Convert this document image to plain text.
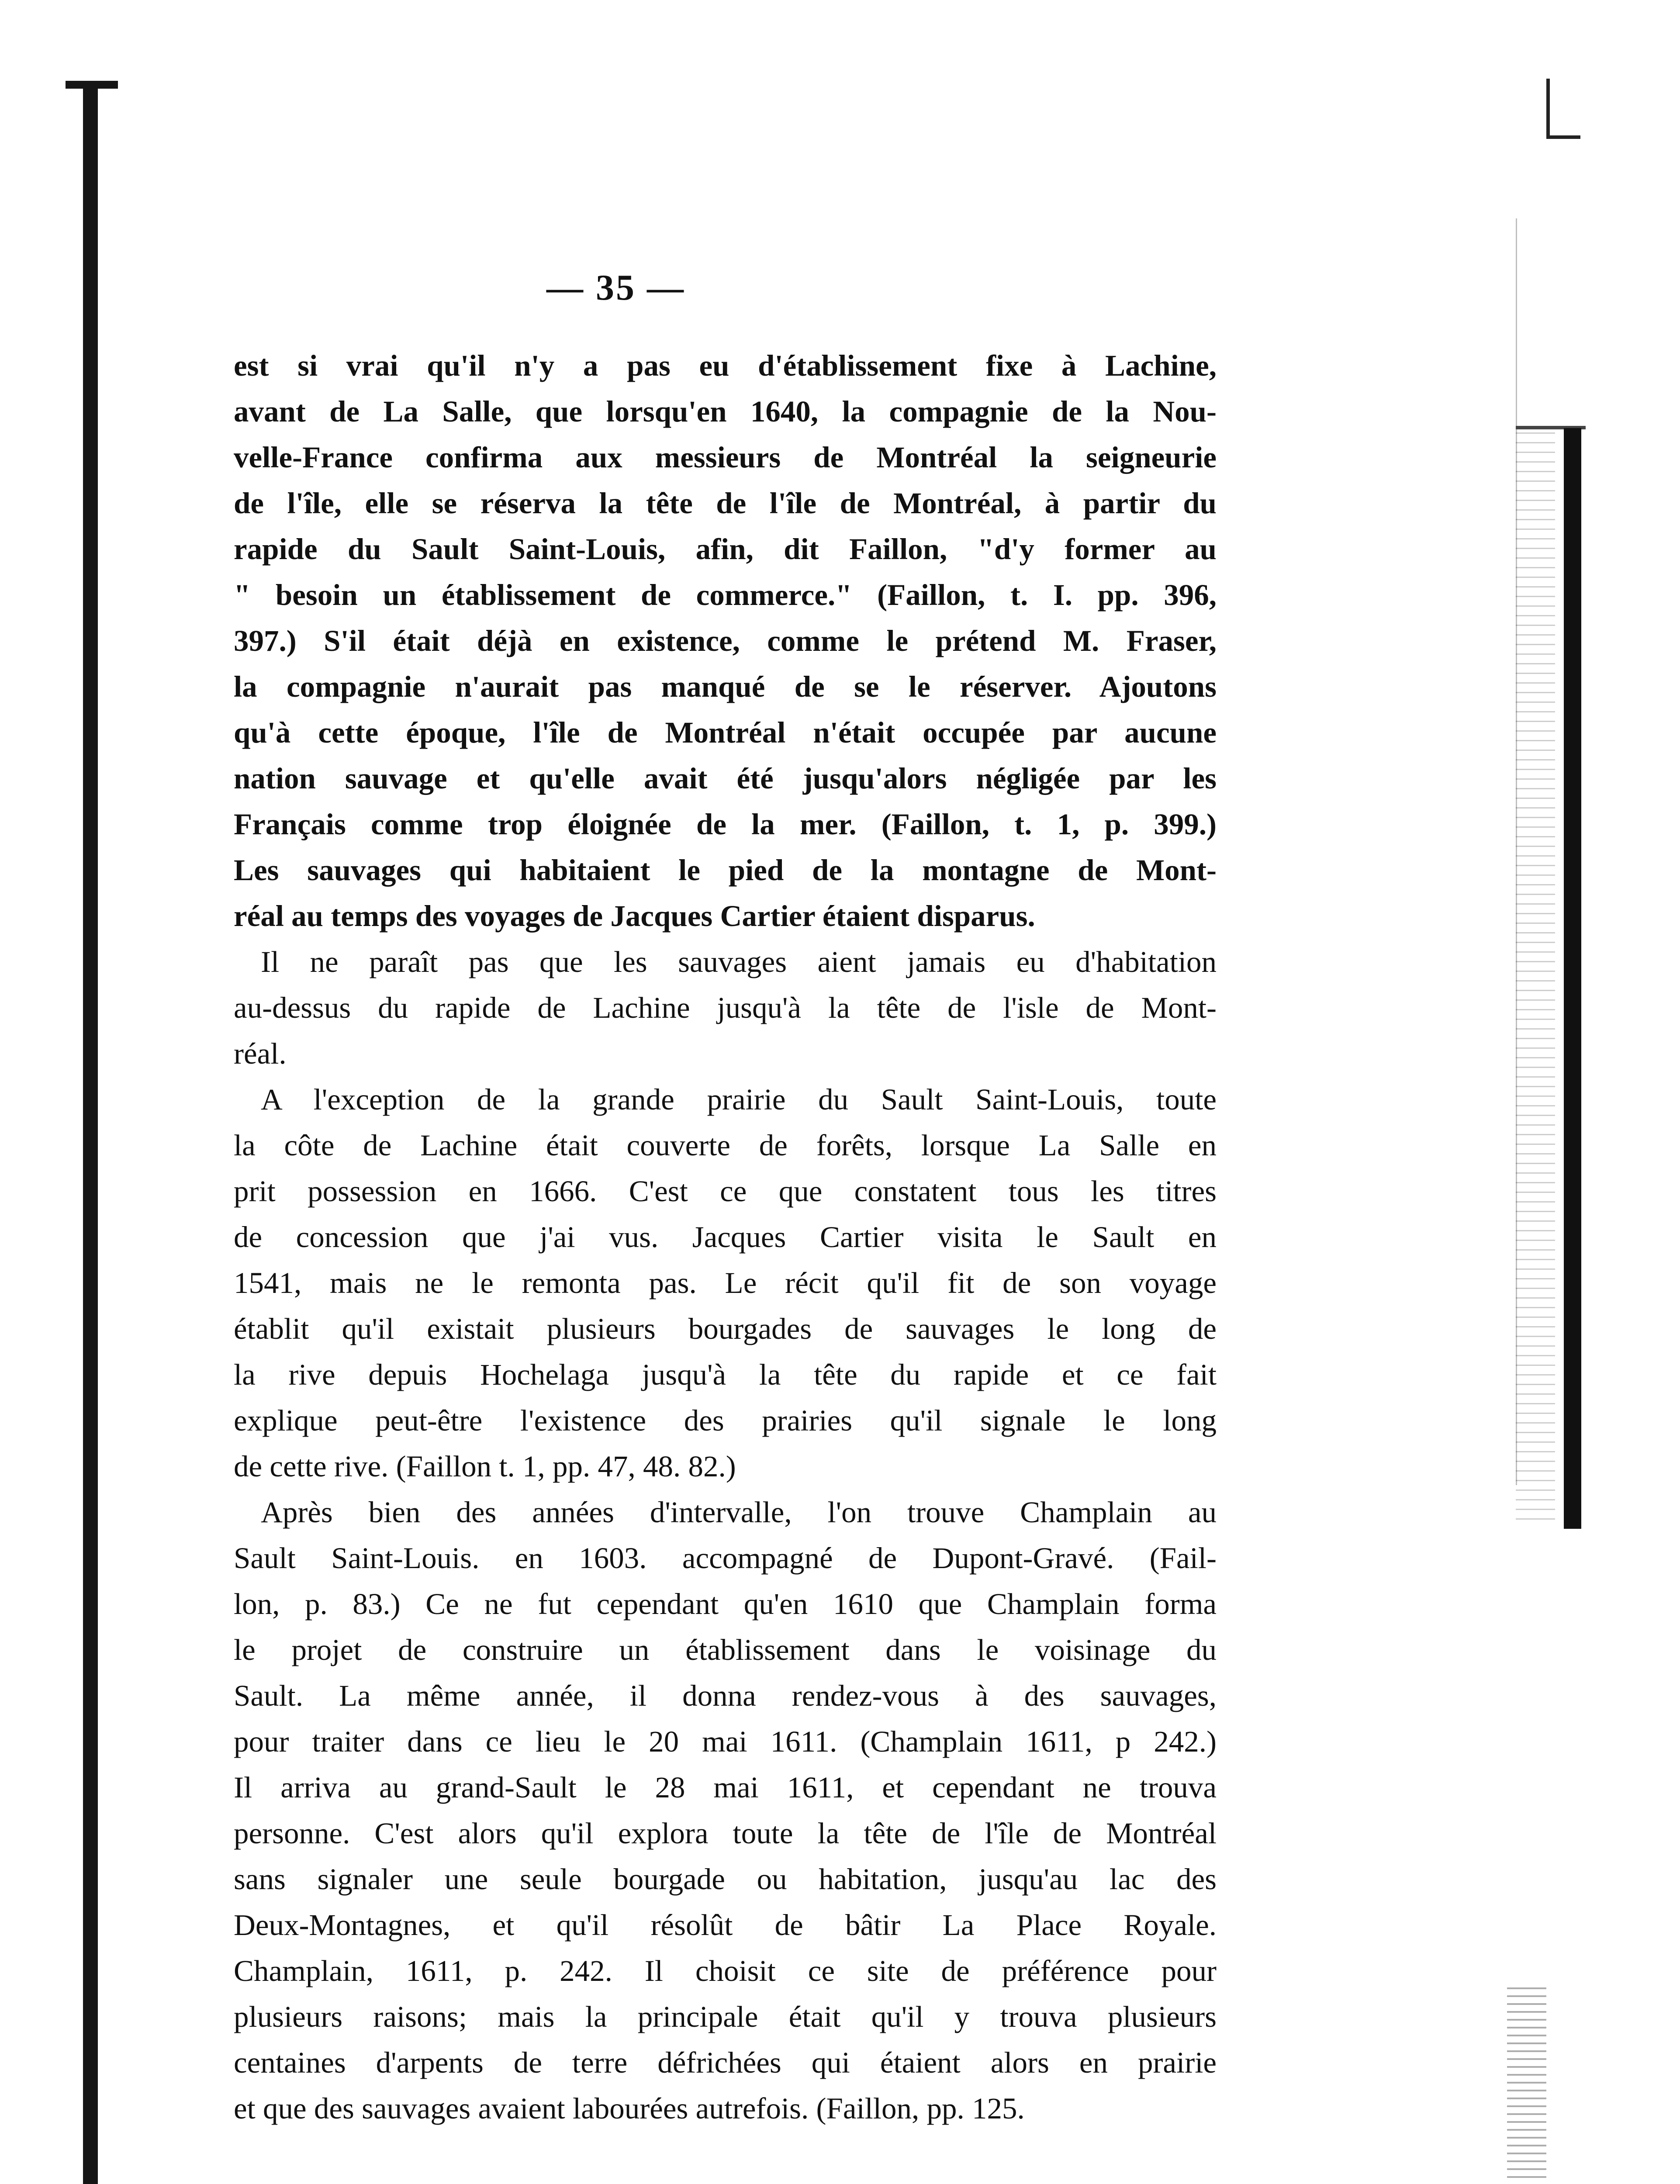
— 35 —
est si vrai qu'il n'y a pas eu d'établissement fixe à Lachine,
avant de La Salle, que lorsqu'en 1640, la compagnie de la Nou-
velle-France confirma aux messieurs de Montréal la seigneurie
de l'île, elle se réserva la tête de l'île de Montréal, à partir du
rapide du Sault Saint-Louis, afin, dit Faillon, "d'y former au
" besoin un établissement de commerce." (Faillon, t. I. pp. 396,
397.) S'il était déjà en existence, comme le prétend M. Fraser,
la compagnie n'aurait pas manqué de se le réserver. Ajoutons
qu'à cette époque, l'île de Montréal n'était occupée par aucune
nation sauvage et qu'elle avait été jusqu'alors négligée par les
Français comme trop éloignée de la mer. (Faillon, t. 1, p. 399.)
Les sauvages qui habitaient le pied de la montagne de Mont-
réal au temps des voyages de Jacques Cartier étaient disparus.
Il ne paraît pas que les sauvages aient jamais eu d'habitation
au-dessus du rapide de Lachine jusqu'à la tête de l'isle de Mont-
réal.
A l'exception de la grande prairie du Sault Saint-Louis, toute
la côte de Lachine était couverte de forêts, lorsque La Salle en
prit possession en 1666. C'est ce que constatent tous les titres
de concession que j'ai vus. Jacques Cartier visita le Sault en
1541, mais ne le remonta pas. Le récit qu'il fit de son voyage
établit qu'il existait plusieurs bourgades de sauvages le long de
la rive depuis Hochelaga jusqu'à la tête du rapide et ce fait
explique peut-être l'existence des prairies qu'il signale le long
de cette rive. (Faillon t. 1, pp. 47, 48. 82.)
Après bien des années d'intervalle, l'on trouve Champlain au
Sault Saint-Louis. en 1603. accompagné de Dupont-Gravé. (Fail-
lon, p. 83.) Ce ne fut cependant qu'en 1610 que Champlain forma
le projet de construire un établissement dans le voisinage du
Sault. La même année, il donna rendez-vous à des sauvages,
pour traiter dans ce lieu le 20 mai 1611. (Champlain 1611, p 242.)
Il arriva au grand-Sault le 28 mai 1611, et cependant ne trouva
personne. C'est alors qu'il explora toute la tête de l'île de Montréal
sans signaler une seule bourgade ou habitation, jusqu'au lac des
Deux-Montagnes, et qu'il résolût de bâtir La Place Royale.
Champlain, 1611, p. 242. Il choisit ce site de préférence pour
plusieurs raisons; mais la principale était qu'il y trouva plusieurs
centaines d'arpents de terre défrichées qui étaient alors en prairie
et que des sauvages avaient labourées autrefois. (Faillon, pp. 125.
